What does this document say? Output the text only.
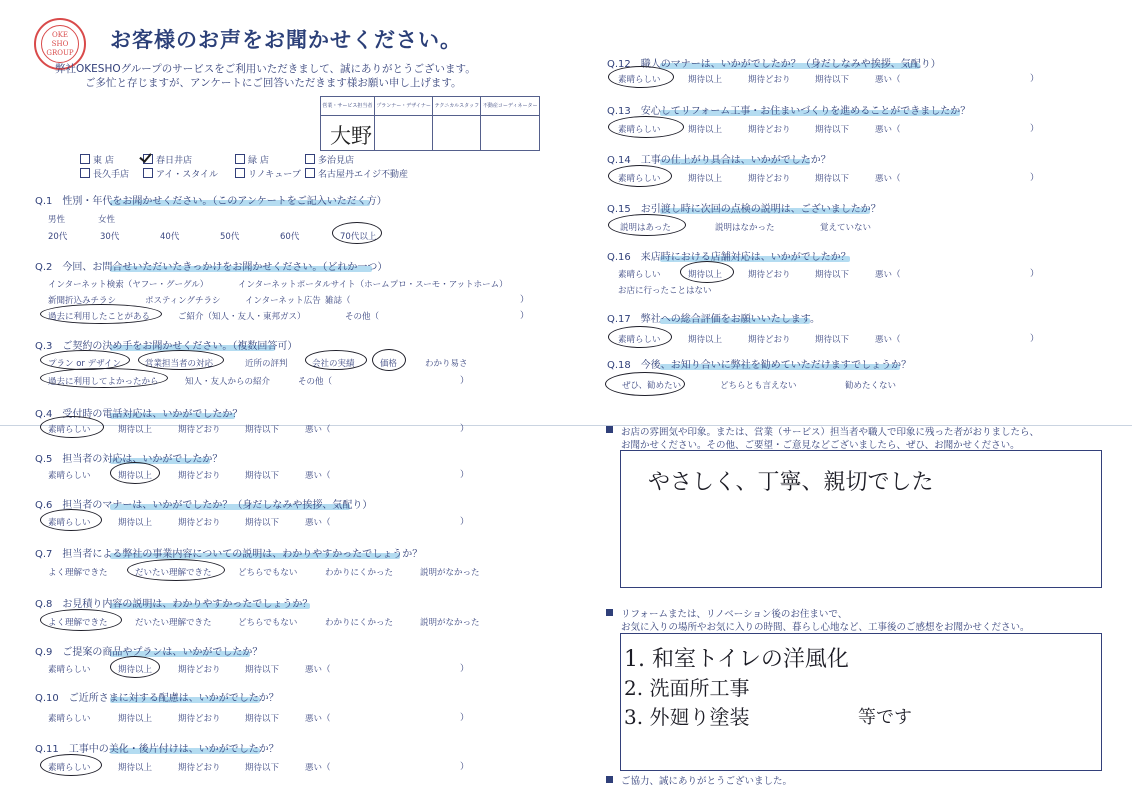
OKE
SHO
GROUP
お客様のお声をお聞かせください。
弊社OKESHOグループのサービスをご利用いただきまして、誠にありがとうございます。
ご多忙と存じますが、アンケートにご回答いただきます様お願い申し上げます。
営業・サービス担当者	プランナー・デザイナー	テクニカルスタッフ	不動産コーディネーター

大野
東 店	春日井店	緑 店	多治見店
長久手店	アイ・スタイル	リノキューブ	名古屋丹エイジ不動産
Q.1　性別・年代をお聞かせください。（このアンケートをご記入いただく方）
男性	女性
20代	30代	40代	50代	60代	70代以上
Q.2　今回、お問合せいただいたきっかけをお聞かせください。（どれか一つ）
インターネット検索（ヤフー・グーグル）	インターネットポータルサイト（ホームプロ・スーモ・アットホーム）
新聞折込みチラシ	ポスティングチラシ	インターネット広告 雑誌（	）
過去に利用したことがある	ご紹介（知人・友人・東邦ガス）	その他（	）
Q.3　ご契約の決め手をお聞かせください。（複数回答可）
プラン or デザイン	営業担当者の対応	近所の評判	会社の実績	価格	わかり易さ
過去に利用してよかったから	知人・友人からの紹介	その他（	）
Q.4　受付時の電話対応は、いかがでしたか？
素晴らしい	期待以上	期待どおり	期待以下	悪い（	）
Q.5　担当者の対応は、いかがでしたか？
素晴らしい	期待以上	期待どおり	期待以下	悪い（	）
Q.6　担当者のマナーは、いかがでしたか？（身だしなみや挨拶、気配り）
素晴らしい	期待以上	期待どおり	期待以下	悪い（	）
Q.7　担当者による弊社の事業内容についての説明は、わかりやすかったでしょうか？
よく理解できた	だいたい理解できた	どちらでもない	わかりにくかった	説明がなかった
Q.8　お見積り内容の説明は、わかりやすかったでしょうか？
よく理解できた	だいたい理解できた	どちらでもない	わかりにくかった	説明がなかった
Q.9　ご提案の商品やプランは、いかがでしたか？
素晴らしい	期待以上	期待どおり	期待以下	悪い（	）
Q.10　ご近所さまに対する配慮は、いかがでしたか？
素晴らしい	期待以上	期待どおり	期待以下	悪い（	）
Q.11　工事中の美化・後片付けは、いかがでしたか？
素晴らしい	期待以上	期待どおり	期待以下	悪い（	）
Q.12　職人のマナーは、いかがでしたか？（身だしなみや挨拶、気配り）
素晴らしい	期待以上	期待どおり	期待以下	悪い（	）
Q.13　安心してリフォーム工事・お住まいづくりを進めることができましたか？
素晴らしい	期待以上	期待どおり	期待以下	悪い（	）
Q.14　工事の仕上がり具合は、いかがでしたか？
素晴らしい	期待以上	期待どおり	期待以下	悪い（	）
Q.15　お引渡し時に次回の点検の説明は、ございましたか？
説明はあった	説明はなかった	覚えていない
Q.16　来店時における店舗対応は、いかがでしたか？
素晴らしい	期待以上	期待どおり	期待以下	悪い（	）
お店に行ったことはない
Q.17　弊社への総合評価をお願いいたします。
素晴らしい	期待以上	期待どおり	期待以下	悪い（	）
Q.18　今後、お知り合いに弊社を勧めていただけますでしょうか？
ぜひ、勧めたい	どちらとも言えない	勧めたくない
お店の雰囲気や印象。または、営業（サービス）担当者や職人で印象に残った者がおりましたら、
お聞かせください。その他、ご要望・ご意見などございましたら、ぜひ、お聞かせください。
やさしく、丁寧、親切でした
リフォームまたは、リノベーション後のお住まいで、
お気に入りの場所やお気に入りの時間、暮らし心地など、工事後のご感想をお聞かせください。
1. 和室トイレの洋風化
2. 洗面所工事
3. 外廻り塗装	等です
ご協力、誠にありがとうございました。
